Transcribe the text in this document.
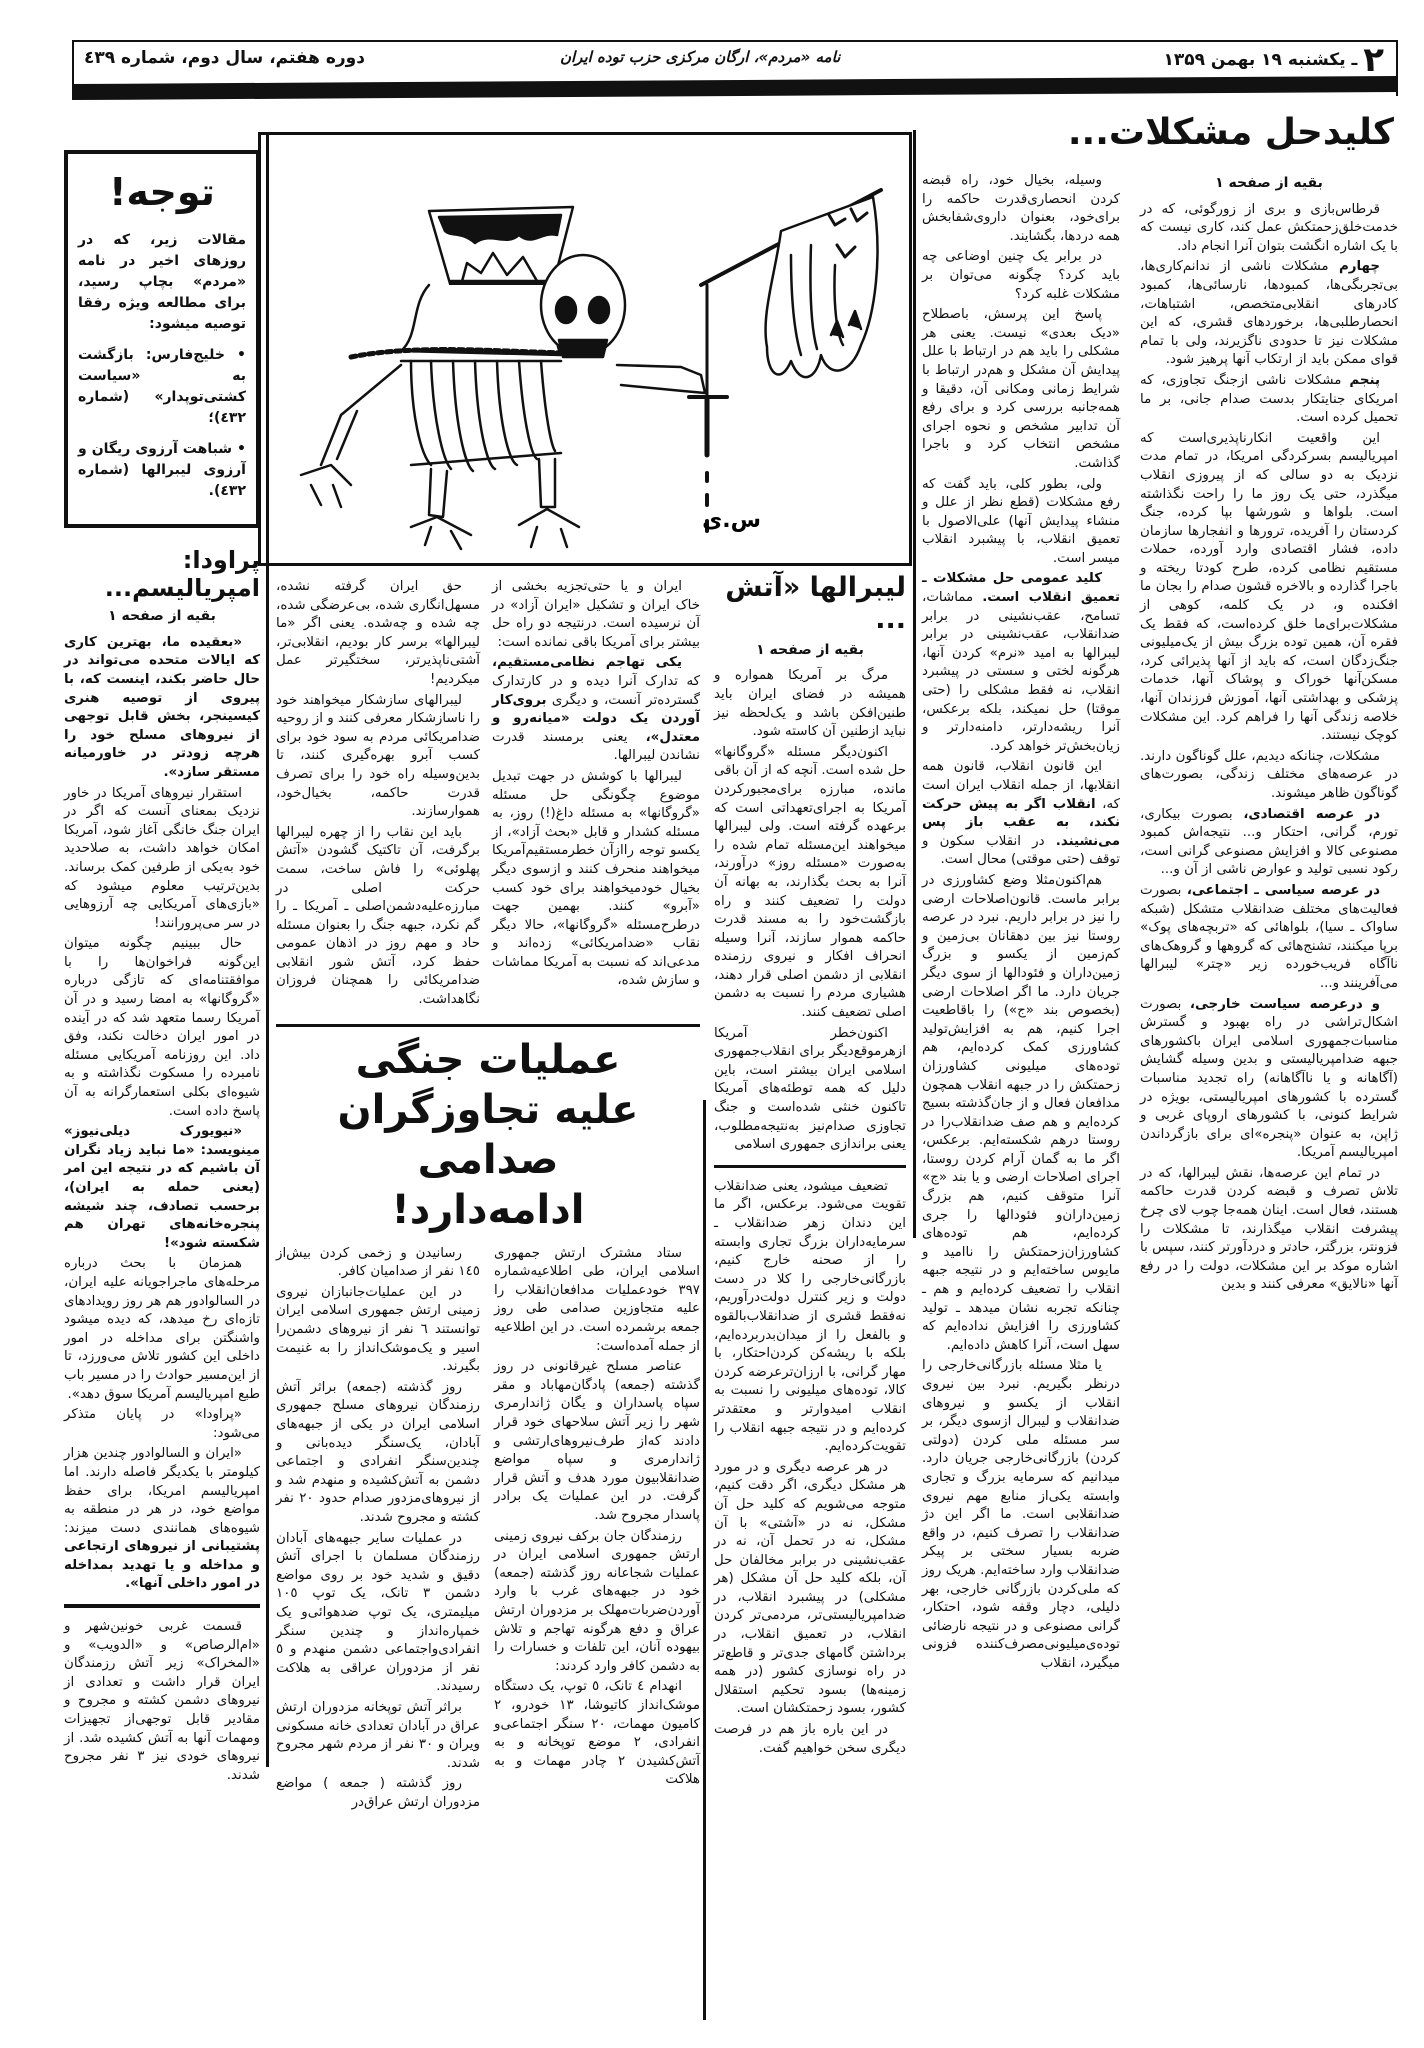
۲ ـ یکشنبه ۱۹ بهمن ۱۳۵۹
نامه «مردم»، ارگان مرکزی حزب توده ایران
دوره هفتم، سال دوم، شماره ٤٣٩
کلیدحل مشکلات...
بقیه از صفحه ۱

قرطاس‌بازی و بری از زورگوئی، که در خدمت‌خلق‌زحمتکش عمل کند، کاری نیست که با یک اشاره انگشت بتوان آنرا انجام داد.

چهارم مشکلات ناشی از ندانم‌کاری‌ها، بی‌تجربگی‌ها، کمبودها، نارسائی‌ها، کمبود کادرهای انقلابی‌متخصص، اشتباهات، انحصارطلبی‌ها، برخوردهای قشری، که این مشکلات نیز تا حدودی ناگزیرند، ولی با تمام قوای ممکن باید از ارتکاب آنها پرهیز شود.

پنجم مشکلات ناشی ازجنگ تجاوزی، که امریکای جنایتکار بدست صدام جانی، بر ما تحمیل کرده است.

این واقعیت انکارناپذیری‌است که امپریالیسم بسرکردگی امریکا، در تمام مدت نزدیک به دو سالی که از پیروزی انقلاب میگذرد، حتی یک روز ما را راحت نگذاشته است. بلواها و شورشها بپا کرده، جنگ کردستان را آفریده، ترورها و انفجارها سازمان داده، فشار اقتصادی وارد آورده، حملات مستقیم نظامی کرده، طرح کودتا ریخته و باجرا گذارده و بالاخره قشون صدام را بجان ما افکنده و، در یک کلمه، کوهی از مشکلات‌برای‌ما خلق کرده‌است، که فقط یک فقره آن، همین توده بزرگ بیش از یک‌میلیونی جنگ‌زدگان است، که باید از آنها پذیرائی کرد، مسکن‌آنها خوراک و پوشاک آنها، خدمات پزشکی و بهداشتی آنها، آموزش فرزندان آنها، خلاصه زندگی آنها را فراهم کرد. این مشکلات کوچک نیستند.

مشکلات، چنانکه دیدیم، علل گوناگون دارند. در عرصه‌های مختلف زندگی، بصورت‌های گوناگون ظاهر میشوند.

در عرصه اقتصادی، بصورت بیکاری، تورم، گرانی، احتکار و... نتیجه‌اش کمبود مصنوعی کالا و افزایش مصنوعی گرانی است، رکود نسبی تولید و عوارض ناشی از آن و...

در عرصه سیاسی ـ اجتماعی، بصورت فعالیت‌های مختلف ضدانقلاب متشکل (شبکه ساواک ـ سیا)، بلواهائی که «تربچه‌های پوک» برپا میکنند، تشنج‌هائی که گروهها و گروهک‌های ناآگاه فریب‌خورده زیر «چتر» لیبرالها می‌آفرینند و...

و درعرصه سیاست خارجی، بصورت اشکال‌تراشی در راه بهبود و گسترش مناسبات‌جمهوری اسلامی ایران باکشورهای جبهه ضدامپریالیستی و بدین وسیله گشایش (آگاهانه و یا ناآگاهانه) راه تجدید مناسبات گسترده با کشورهای امپریالیستی، بویژه در شرایط کنونی، با کشورهای اروپای غربی و ژاپن، به عنوان «پنجره»ای برای بازگرداندن امپریالیسم آمریکا.

در تمام این عرصه‌ها، نقش لیبرالها، که در تلاش تصرف و قبضه کردن قدرت حاکمه هستند، فعال است. اینان همه‌جا چوب لای چرخ پیشرفت انقلاب میگذارند، تا مشکلات را فزونتر، بزرگتر، حادتر و دردآورتر کنند، سپس با اشاره موکد بر این مشکلات، دولت را در رفع آنها «نالایق» معرفی کنند و بدین

وسیله، بخیال خود، راه قبضه کردن انحصاری‌قدرت حاکمه را برای‌خود، بعنوان داروی‌شفابخش همه دردها، بگشایند.

در برابر یک چنین اوضاعی چه باید کرد؟ چگونه می‌توان بر مشکلات غلبه کرد؟

پاسخ این پرسش، باصطلاح «دیک بعدی» نیست. یعنی هر مشکلی را باید هم در ارتباط با علل پیدایش آن مشکل و هم‌در ارتباط با شرایط زمانی ومکانی آن، دقیقا و همه‌جانبه بررسی کرد و برای رفع آن تدابیر مشخص و نحوه اجرای مشخص انتخاب کرد و باجرا گذاشت.

ولی، بطور کلی، باید گفت که رفع مشکلات (قطع نظر از علل و منشاء پیدایش آنها) علی‌الاصول با تعمیق انقلاب، با پیشبرد انقلاب میسر است.

کلید عمومی حل مشکلات ـ تعمیق انقلاب است. مماشات، تسامح، عقب‌نشینی در برابر ضدانقلاب، عقب‌نشینی در برابر لیبرالها به امید «نرم» کردن آنها، هرگونه لختی و سستی در پیشبرد انقلاب، نه فقط مشکلی را (حتی موقتا) حل نمیکند، بلکه برعکس، آنرا ریشه‌دارتر، دامنه‌دارتر و زیان‌بخش‌تر خواهد کرد.

این قانون انقلاب، قانون همه انقلابها، از جمله انقلاب ایران است که، انقلاب اگر به پیش حرکت نکند، به عقب باز پس می‌نشیند. در انقلاب سکون و توقف (حتی موقتی) محال است.

هم‌اکنون‌مثلا وضع کشاورزی در برابر ماست. قانون‌اصلاحات ارضی را نیز در برابر داریم. نبرد در عرصه روستا نیز بین دهقانان بی‌زمین و کم‌زمین از یکسو و بزرگ زمین‌داران و فئودالها از سوی دیگر جریان دارد. ما اگر اصلاحات ارضی (بخصوص بند «ج») را باقاطعیت اجرا کنیم، هم به افزایش‌تولید کشاورزی کمک کرده‌ایم، هم توده‌های میلیونی کشاورزان زحمتکش را در جبهه انقلاب همچون مدافعان فعال و از جان‌گذشته بسیج کرده‌ایم و هم صف ضدانقلاب‌را در روستا درهم شکسته‌ایم. برعکس، اگر ما به گمان آرام کردن روستا، اجرای اصلاحات ارضی و یا بند «ج» آنرا متوقف کنیم، هم بزرگ زمین‌داران‌و فئودالها را جری کرده‌ایم، هم توده‌های کشاورزان‌زحمتکش را ناامید و مایوس ساخته‌ایم و در نتیجه جبهه انقلاب را تضعیف کرده‌ایم و هم ـ چنانکه تجربه نشان میدهد ـ تولید کشاورزی را افزایش نداده‌ایم که سهل است، آنرا کاهش داده‌ایم.

یا مثلا مسئله بازرگانی‌خارجی را درنظر بگیریم. نبرد بین نیروی انقلاب از یکسو و نیروهای ضدانقلاب و لیبرال ازسوی دیگر، بر سر مسئله ملی کردن (دولتی کردن) بازرگانی‌خارجی جریان دارد. میدانیم که سرمایه بزرگ و تجاری وابسته یکی‌از منابع مهم نیروی ضدانقلابی است. ما اگر این دژ ضدانقلاب را تصرف کنیم، در واقع ضربه بسیار سختی بر پیکر ضدانقلاب وارد ساخته‌ایم. هریک روز که ملی‌کردن بازرگانی خارجی، بهر دلیلی، دچار وقفه شود، احتکار، گرانی مصنوعی و در نتیجه نارضائی توده‌ی‌میلیونی‌مصرف‌کننده فزونی میگیرد، انقلاب

س.ی
لیبرالها «آتش ...
بقیه از صفحه ۱

مرگ بر آمریکا همواره و همیشه در فضای ایران باید طنین‌افکن باشد و یک‌لحظه نیز نباید ازطنین آن کاسته شود.

اکنون‌دیگر مسئله «گروگانها» حل شده است. آنچه که از آن باقی مانده، مبارزه برای‌مجبورکردن آمریکا به اجرای‌تعهداتی است که برعهده گرفته است. ولی لیبرالها میخواهند این‌مسئله تمام شده را به‌صورت «مسئله روز» درآورند، آنرا به بحث بگذارند، به بهانه آن دولت را تضعیف کنند و راه بازگشت‌خود را به مسند قدرت حاکمه هموار سازند، آنرا وسیله انحراف افکار و نیروی رزمنده انقلابی از دشمن اصلی قرار دهند، هشیاری مردم را نسبت به دشمن اصلی تضعیف کنند.

اکنون‌خطر آمریکا ازهرموقع‌دیگر برای انقلاب‌جمهوری اسلامی ایران بیشتر است، باین دلیل که همه توطئه‌های آمریکا تاکنون خنثی شده‌است و جنگ تجاوزی صدام‌نیز به‌نتیجه‌مطلوب، یعنی براندازی جمهوری اسلامی

تضعیف میشود، یعنی ضدانقلاب تقویت می‌شود. برعکس، اگر ما این دندان زهر ضدانقلاب ـ سرمایه‌داران بزرگ تجاری وابسته را از صحنه خارج کنیم، بازرگانی‌خارجی را کلا در دست دولت و زیر کنترل دولت‌درآوریم، نه‌فقط قشری از ضدانقلاب‌بالقوه و بالفعل را از میدان‌بدربرده‌ایم، بلکه با ریشه‌کن کردن‌احتکار، با مهار گرانی، با ارزان‌ترعرضه کردن کالا، توده‌های میلیونی را نسبت به انقلاب امیدوارتر و معتقدتر کرده‌ایم و در نتیجه جبهه انقلاب را تقویت‌کرده‌ایم.

در هر عرصه دیگری و در مورد هر مشکل دیگری، اگر دقت کنیم، متوجه می‌شویم که کلید حل آن مشکل، نه در «آشتی» با آن مشکل، نه در تحمل آن، نه در عقب‌نشینی در برابر مخالفان حل آن، بلکه کلید حل آن مشکل (هر مشکلی) در پیشبرد انقلاب، در ضدامپریالیستی‌تر، مردمی‌تر کردن انقلاب، در تعمیق انقلاب، در برداشتن گامهای جدی‌تر و قاطع‌تر در راه نوسازی کشور (در همه زمینه‌ها) بسود تحکیم استقلال کشور، بسود زحمتکشان است.

در این باره باز هم در فرصت دیگری سخن خواهیم گفت.

ایران و یا حتی‌تجزیه بخشی از خاک ایران و تشکیل «ایران آزاد» در آن نرسیده است. درنتیجه دو راه حل بیشتر برای آمریکا باقی نمانده است:

یکی تهاجم نظامی‌مستقیم، که تدارک آنرا دیده و در کارتدارک گسترده‌تر آنست، و دیگری بروی‌کار آوردن یک دولت «میانه‌رو و معتدل»، یعنی برمسند قدرت نشاندن لیبرالها.

لیبرالها با کوشش در جهت تبدیل موضوع چگونگی حل مسئله «گروگانها» به مسئله داغ(!) روز، به مسئله کشدار و قابل «بحث آزاد»، از یکسو توجه راازآن خطرمستقیم‌آمریکا میخواهند منحرف کنند و ازسوی دیگر بخیال خودمیخواهند برای خود کسب «آبرو» کنند. بهمین جهت درطرح‌مسئله «گروگانها»، حالا دیگر نقاب «ضدامریکائی» زده‌اند و مدعی‌اند که نسبت به آمریکا مماشات و سازش شده،

حق ایران گرفته نشده، مسهل‌انگاری شده، بی‌عرضگی شده، چه شده و چه‌شده. یعنی اگر «ما لیبرالها» برسر کار بودیم، انقلابی‌تر، آشتی‌ناپذیرتر، سختگیرتر عمل میکردیم!

لیبرالهای سازشکار میخواهند خود را ناسازشکار معرفی کنند و از روحیه ضدامریکائی مردم به سود خود برای کسب آبرو بهره‌گیری کنند، تا بدین‌وسیله راه خود را برای تصرف قدرت حاکمه، بخیال‌خود، هموارسازند.

باید این نقاب را از چهره لیبرالها برگرفت، آن تاکتیک گشودن «آتش پهلوئی» را فاش ساخت، سمت حرکت اصلی در مبارزه‌علیه‌دشمن‌اصلی ـ آمریکا ـ را گم نکرد، جبهه جنگ را بعنوان مسئله حاد و مهم روز در اذهان عمومی حفظ کرد، آتش شور انقلابی ضدامریکائی را همچنان فروزان نگاهداشت.

عملیات جنگی
علیه تجاوزگران صدامی
ادامه‌دارد!

ستاد مشترک ارتش جمهوری اسلامی ایران، طی اطلاعیه‌شماره ۳۹۷ خود‌عملیات مدافعان‌انقلاب را علیه متجاوزین صدامی طی روز جمعه برشمرده است. در این اطلاعیه از جمله آمده‌است:

عناصر مسلح غیرقانونی در روز گذشته (جمعه) پادگان‌مهاباد و مقر سپاه پاسداران و یگان ژاندارمری شهر را زیر آتش سلاحهای خود قرار دادند که‌از طرف‌نیروهای‌ارتشی و ژاندارمری و سپاه مواضع ضدانقلابیون مورد هدف و آتش قرار گرفت. در این عملیات یک برادر پاسدار مجروح شد.

رزمندگان جان برکف نیروی زمینی ارتش جمهوری اسلامی ایران در عملیات شجاعانه روز گذشته (جمعه) خود در جبهه‌های غرب با وارد آوردن‌ضربات‌مهلک بر مزدوران ارتش عراق و دفع هرگونه تهاجم و تلاش بیهوده آنان، این تلفات و خسارات را به دشمن کافر وارد کردند:

انهدام ٤ تانک، ٥ توپ، یک دستگاه موشک‌انداز کاتیوشا، ۱۳ خودرو، ۲ کامیون مهمات، ۲۰ سنگر اجتماعی‌و انفرادی، ۲ موضع توپخانه و به آتش‌کشیدن ۲ چادر مهمات و به هلاکت

رسانیدن و زخمی کردن بیش‌از ۱٤٥ نفر از صدامیان کافر.

در این عملیات‌جانبازان نیروی زمینی ارتش جمهوری اسلامی ایران توانستند ٦ نفر از نیروهای دشمن‌را اسیر و یک‌موشک‌انداز را به غنیمت بگیرند.

روز گذشته (جمعه) براثر آتش رزمندگان نیروهای مسلح جمهوری اسلامی ایران در یکی از جبهه‌های آبادان، یک‌سنگر دیده‌بانی و چندین‌سنگر انفرادی و اجتماعی دشمن به آتش‌کشیده و منهدم شد و از نیروهای‌مزدور صدام حدود ۲۰ نفر کشته و مجروح شدند.

در عملیات سایر جبهه‌های آبادان رزمندگان مسلمان با اجرای آتش دقیق و شدید خود بر روی مواضع دشمن ۳ تانک، یک توپ ۱۰٥ میلیمتری، یک توپ ضدهوائی‌و یک خمپاره‌انداز و چندین سنگر انفرادی‌واجتماعی دشمن منهدم و ٥ نفر از مزدوران عراقی به هلاکت رسیدند.

براثر آتش توپخانه مزدوران ارتش عراق در آبادان تعدادی خانه مسکونی ویران و ۳۰ نفر از مردم شهر مجروح شدند.

روز گذشته ( جمعه ) مواضع مزدوران ارتش عراق‌در

توجه!

مقالات زیر، که در روزهای اخیر در نامه «مردم» بچاپ رسید، برای مطالعه ویژه رفقا توصیه میشود:

• خلیج‌فارس: بازگشت به «سیاست کشتی‌توپدار» (شماره ٤٣٢)؛

• شباهت آرزوی ریگان و آرزوی لیبرالها (شماره ٤٣٢).

پراودا: امپریالیسم...
بقیه از صفحه ۱

«بعقیده ما، بهترین کاری که ایالات متحده می‌تواند در حال حاضر بکند، اینست که، با پیروی از توصیه هنری کیسینجر، بخش قابل توجهی از نیروهای مسلح خود را هرچه زودتر در خاورمیانه مستقر سازد».

استقرار نیروهای آمریکا در خاور نزدیک بمعنای آنست که اگر در ایران جنگ خانگی آغاز شود، آمریکا امکان خواهد داشت، به صلاحدید خود به‌یکی از طرفین کمک برساند. بدین‌ترتیب معلوم میشود که «بازی‌های آمریکایی چه آرزوهایی در سر می‌پرورانند!

حال ببینیم چگونه میتوان این‌گونه فراخوان‌ها را با موافقتنامه‌ای که تازگی درباره «گروگانها» به امضا رسید و در آن آمریکا رسما متعهد شد که در آینده در امور ایران دخالت نکند، وفق داد. این روزنامه آمریکایی مسئله نامبرده را مسکوت نگذاشته و به شیوه‌ای بکلی استعمارگرانه به آن پاسخ داده است.

«نیویورک دیلی‌نیوز» مینویسد: «ما نباید زیاد نگران آن باشیم که در نتیجه این امر (یعنی حمله به ایران)، برحسب تصادف، چند شیشه پنجره‌خانه‌های تهران هم شکسته شود»!

همزمان با بحث درباره مرحله‌های ماجراجویانه علیه ایران، در السالوادور هم هر روز رویدادهای تازه‌ای رخ میدهد، که دیده میشود واشنگتن برای مداخله در امور داخلی این کشور تلاش می‌ورزد، تا از این‌مسیر حوادث را در مسیر باب طبع امپریالیسم آمریکا سوق دهد».

«پراودا» در پایان متذکر می‌شود:

«ایران و السالوادور چندین هزار کیلومتر با یکدیگر فاصله دارند. اما امپریالیسم امریکا، برای حفظ مواضع خود، در هر در منطقه به شیوه‌های همانندی دست میزند: پشتیبانی از نیروهای ارتجاعی و مداخله و یا تهدید بمداخله در امور داخلی آنها».

قسمت غربی خونین‌شهر و «ام‌الرصاص» و «الدویب» و «المخراک» زیر آتش رزمندگان ایران قرار داشت و تعدادی از نیروهای دشمن کشته و مجروح و مقادیر قابل توجهی‌از تجهیزات ومهمات آنها به آتش کشیده شد. از نیروهای خودی نیز ۳ نفر مجروح شدند.
